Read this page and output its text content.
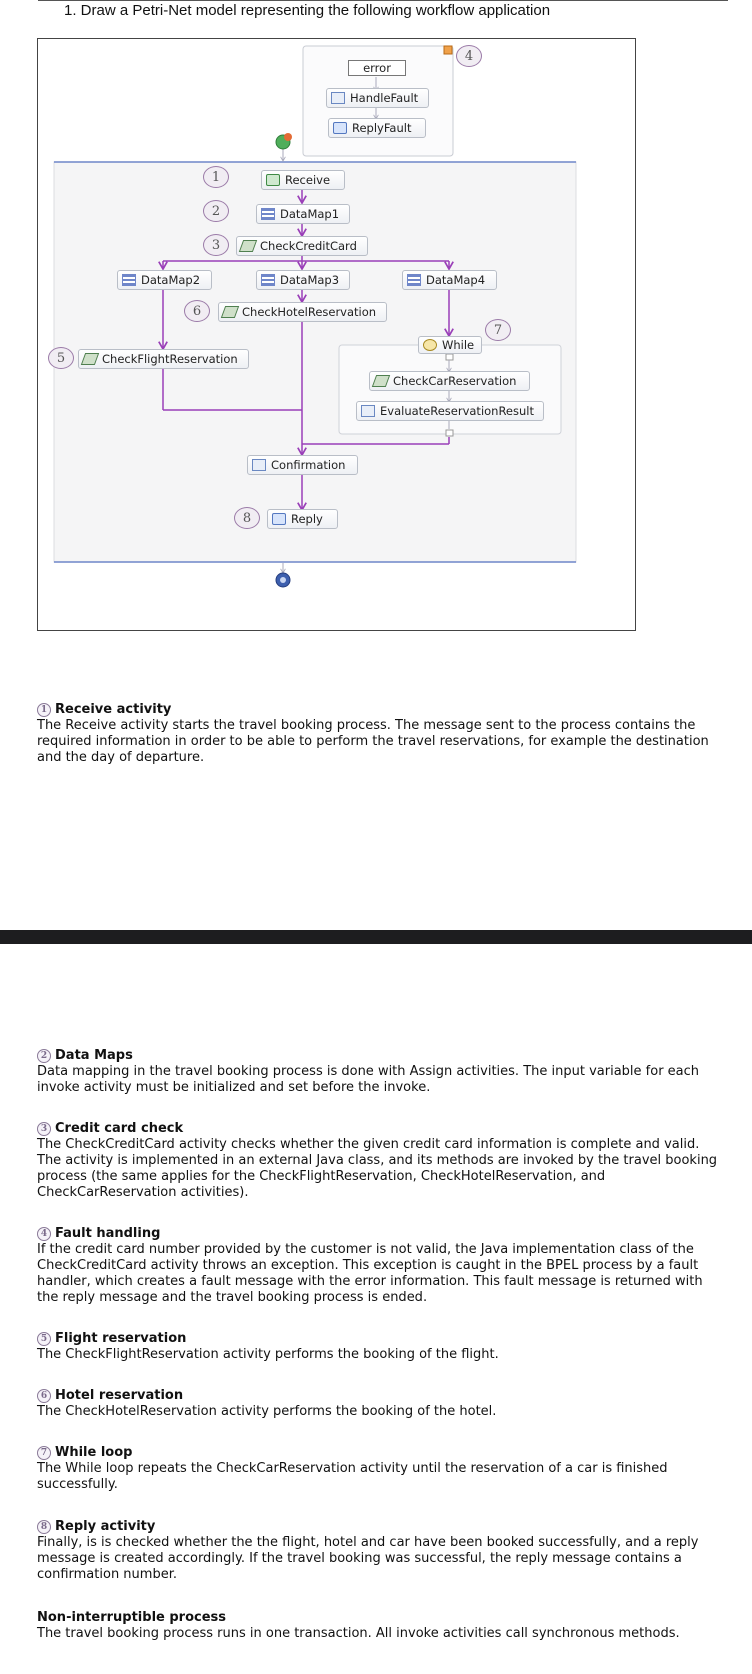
1. Draw a Petri-Net model representing the following workflow application
error
HandleFault
ReplyFault
Receive
DataMap1
CheckCreditCard
DataMap2	DataMap3	DataMap4
CheckHotelReservation
CheckFlightReservation
While
CheckCarReservation
EvaluateReservationResult
Confirmation
Reply
1
2
3
4
5
6
7
8
1 Receive activity

The Receive activity starts the travel booking process. The message sent to the process contains the required information in order to be able to perform the travel reservations, for example the destination and the day of departure.

2 Data Maps

Data mapping in the travel booking process is done with Assign activities. The input variable for each invoke activity must be initialized and set before the invoke.

3 Credit card check

The CheckCreditCard activity checks whether the given credit card information is complete and valid. The activity is implemented in an external Java class, and its methods are invoked by the travel booking process (the same applies for the CheckFlightReservation, CheckHotelReservation, and CheckCarReservation activities).

4 Fault handling

If the credit card number provided by the customer is not valid, the Java implementation class of the CheckCreditCard activity throws an exception. This exception is caught in the BPEL process by a fault handler, which creates a fault message with the error information. This fault message is returned with the reply message and the travel booking process is ended.

5 Flight reservation

The CheckFlightReservation activity performs the booking of the flight.

6 Hotel reservation

The CheckHotelReservation activity performs the booking of the hotel.

7 While loop

The While loop repeats the CheckCarReservation activity until the reservation of a car is finished successfully.

8 Reply activity

Finally, is is checked whether the the flight, hotel and car have been booked successfully, and a reply message is created accordingly. If the travel booking was successful, the reply message contains a confirmation number.

Non-interruptible process

The travel booking process runs in one transaction. All invoke activities call synchronous methods.
